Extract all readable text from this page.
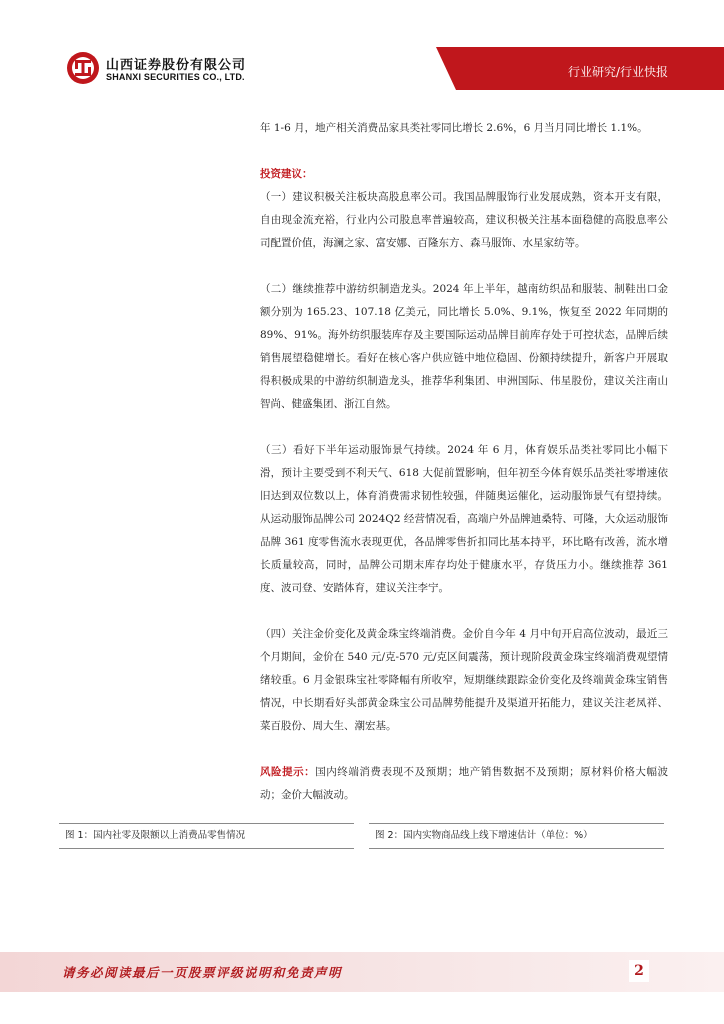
山西证券股份有限公司
SHANXI SECURITIES CO., LTD.	行业研究/行业快报

年 1-6 月，地产相关消费品家具类社零同比增长 2.6%，6 月当月同比增长 1.1%。

投资建议：

（一）建议积极关注板块高股息率公司。我国品牌服饰行业发展成熟，资本开支有限，自由现金流充裕，行业内公司股息率普遍较高，建议积极关注基本面稳健的高股息率公司配置价值，海澜之家、富安娜、百隆东方、森马服饰、水星家纺等。

（二）继续推荐中游纺织制造龙头。2024 年上半年，越南纺织品和服装、制鞋出口金额分别为 165.23、107.18 亿美元，同比增长 5.0%、9.1%，恢复至 2022 年同期的 89%、91%。海外纺织服装库存及主要国际运动品牌目前库存处于可控状态，品牌后续销售展望稳健增长。看好在核心客户供应链中地位稳固、份额持续提升，新客户开展取得积极成果的中游纺织制造龙头，推荐华利集团、申洲国际、伟星股份，建议关注南山智尚、健盛集团、浙江自然。

（三）看好下半年运动服饰景气持续。2024 年 6 月，体育娱乐品类社零同比小幅下滑，预计主要受到不利天气、618 大促前置影响，但年初至今体育娱乐品类社零增速依旧达到双位数以上，体育消费需求韧性较强，伴随奥运催化，运动服饰景气有望持续。从运动服饰品牌公司 2024Q2 经营情况看，高端户外品牌迪桑特、可隆，大众运动服饰品牌 361 度零售流水表现更优，各品牌零售折扣同比基本持平，环比略有改善，流水增长质量较高，同时，品牌公司期末库存均处于健康水平，存货压力小。继续推荐 361 度、波司登、安踏体育，建议关注李宁。

（四）关注金价变化及黄金珠宝终端消费。金价自今年 4 月中旬开启高位波动，最近三个月期间，金价在 540 元/克-570 元/克区间震荡，预计现阶段黄金珠宝终端消费观望情绪较重。6 月金银珠宝社零降幅有所收窄，短期继续跟踪金价变化及终端黄金珠宝销售情况，中长期看好头部黄金珠宝公司品牌势能提升及渠道开拓能力，建议关注老凤祥、菜百股份、周大生、潮宏基。

风险提示：国内终端消费表现不及预期；地产销售数据不及预期；原材料价格大幅波动；金价大幅波动。

图 1：国内社零及限额以上消费品零售情况	图 2：国内实物商品线上线下增速估计（单位：%）
请务必阅读最后一页股票评级说明和免责声明	2
